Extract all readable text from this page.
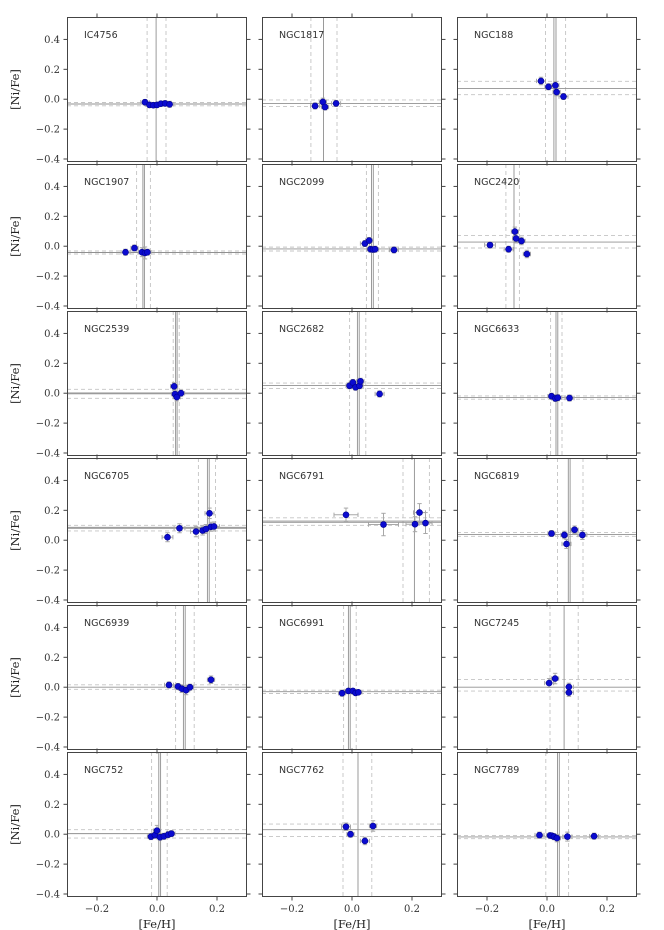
IC4756
0.4
0.2
0.0
−0.2
−0.4
[Ni/Fe]
NGC1817	NGC188
NGC1907
0.4
0.2
0.0
−0.2
−0.4
[Ni/Fe]
NGC2099	NGC2420
NGC2539
0.4
0.2
0.0
−0.2
−0.4
[Ni/Fe]
NGC2682	NGC6633
NGC6705
0.4
0.2
0.0
−0.2
−0.4
[Ni/Fe]
NGC6791	NGC6819
NGC6939
0.4
0.2
0.0
−0.2
−0.4
[Ni/Fe]
NGC6991	NGC7245
NGC752
0.4
0.2
0.0
−0.2
−0.4
[Ni/Fe]
−0.2	0.0	0.2
[Fe/H]
NGC7762
−0.2	0.0	0.2
[Fe/H]
NGC7789
−0.2	0.0	0.2
[Fe/H]
